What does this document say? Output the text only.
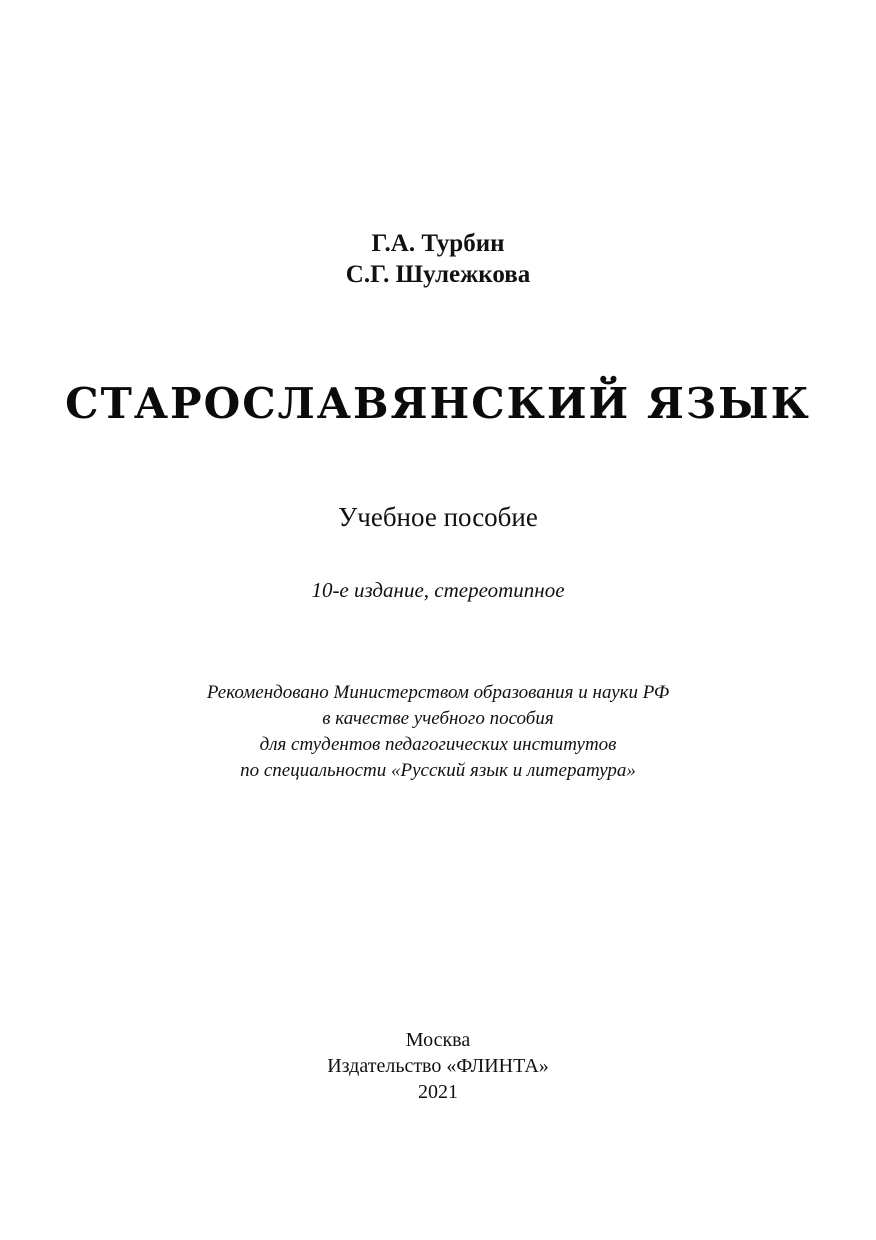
Г.А. Турбин
С.Г. Шулежкова
СТАРОСЛАВЯНСКИЙ ЯЗЫК
Учебное пособие
10-е издание, стереотипное
Рекомендовано Министерством образования и науки РФ
в качестве учебного пособия
для студентов педагогических институтов
по специальности «Русский язык и литература»
Москва
Издательство «ФЛИНТА»
2021
